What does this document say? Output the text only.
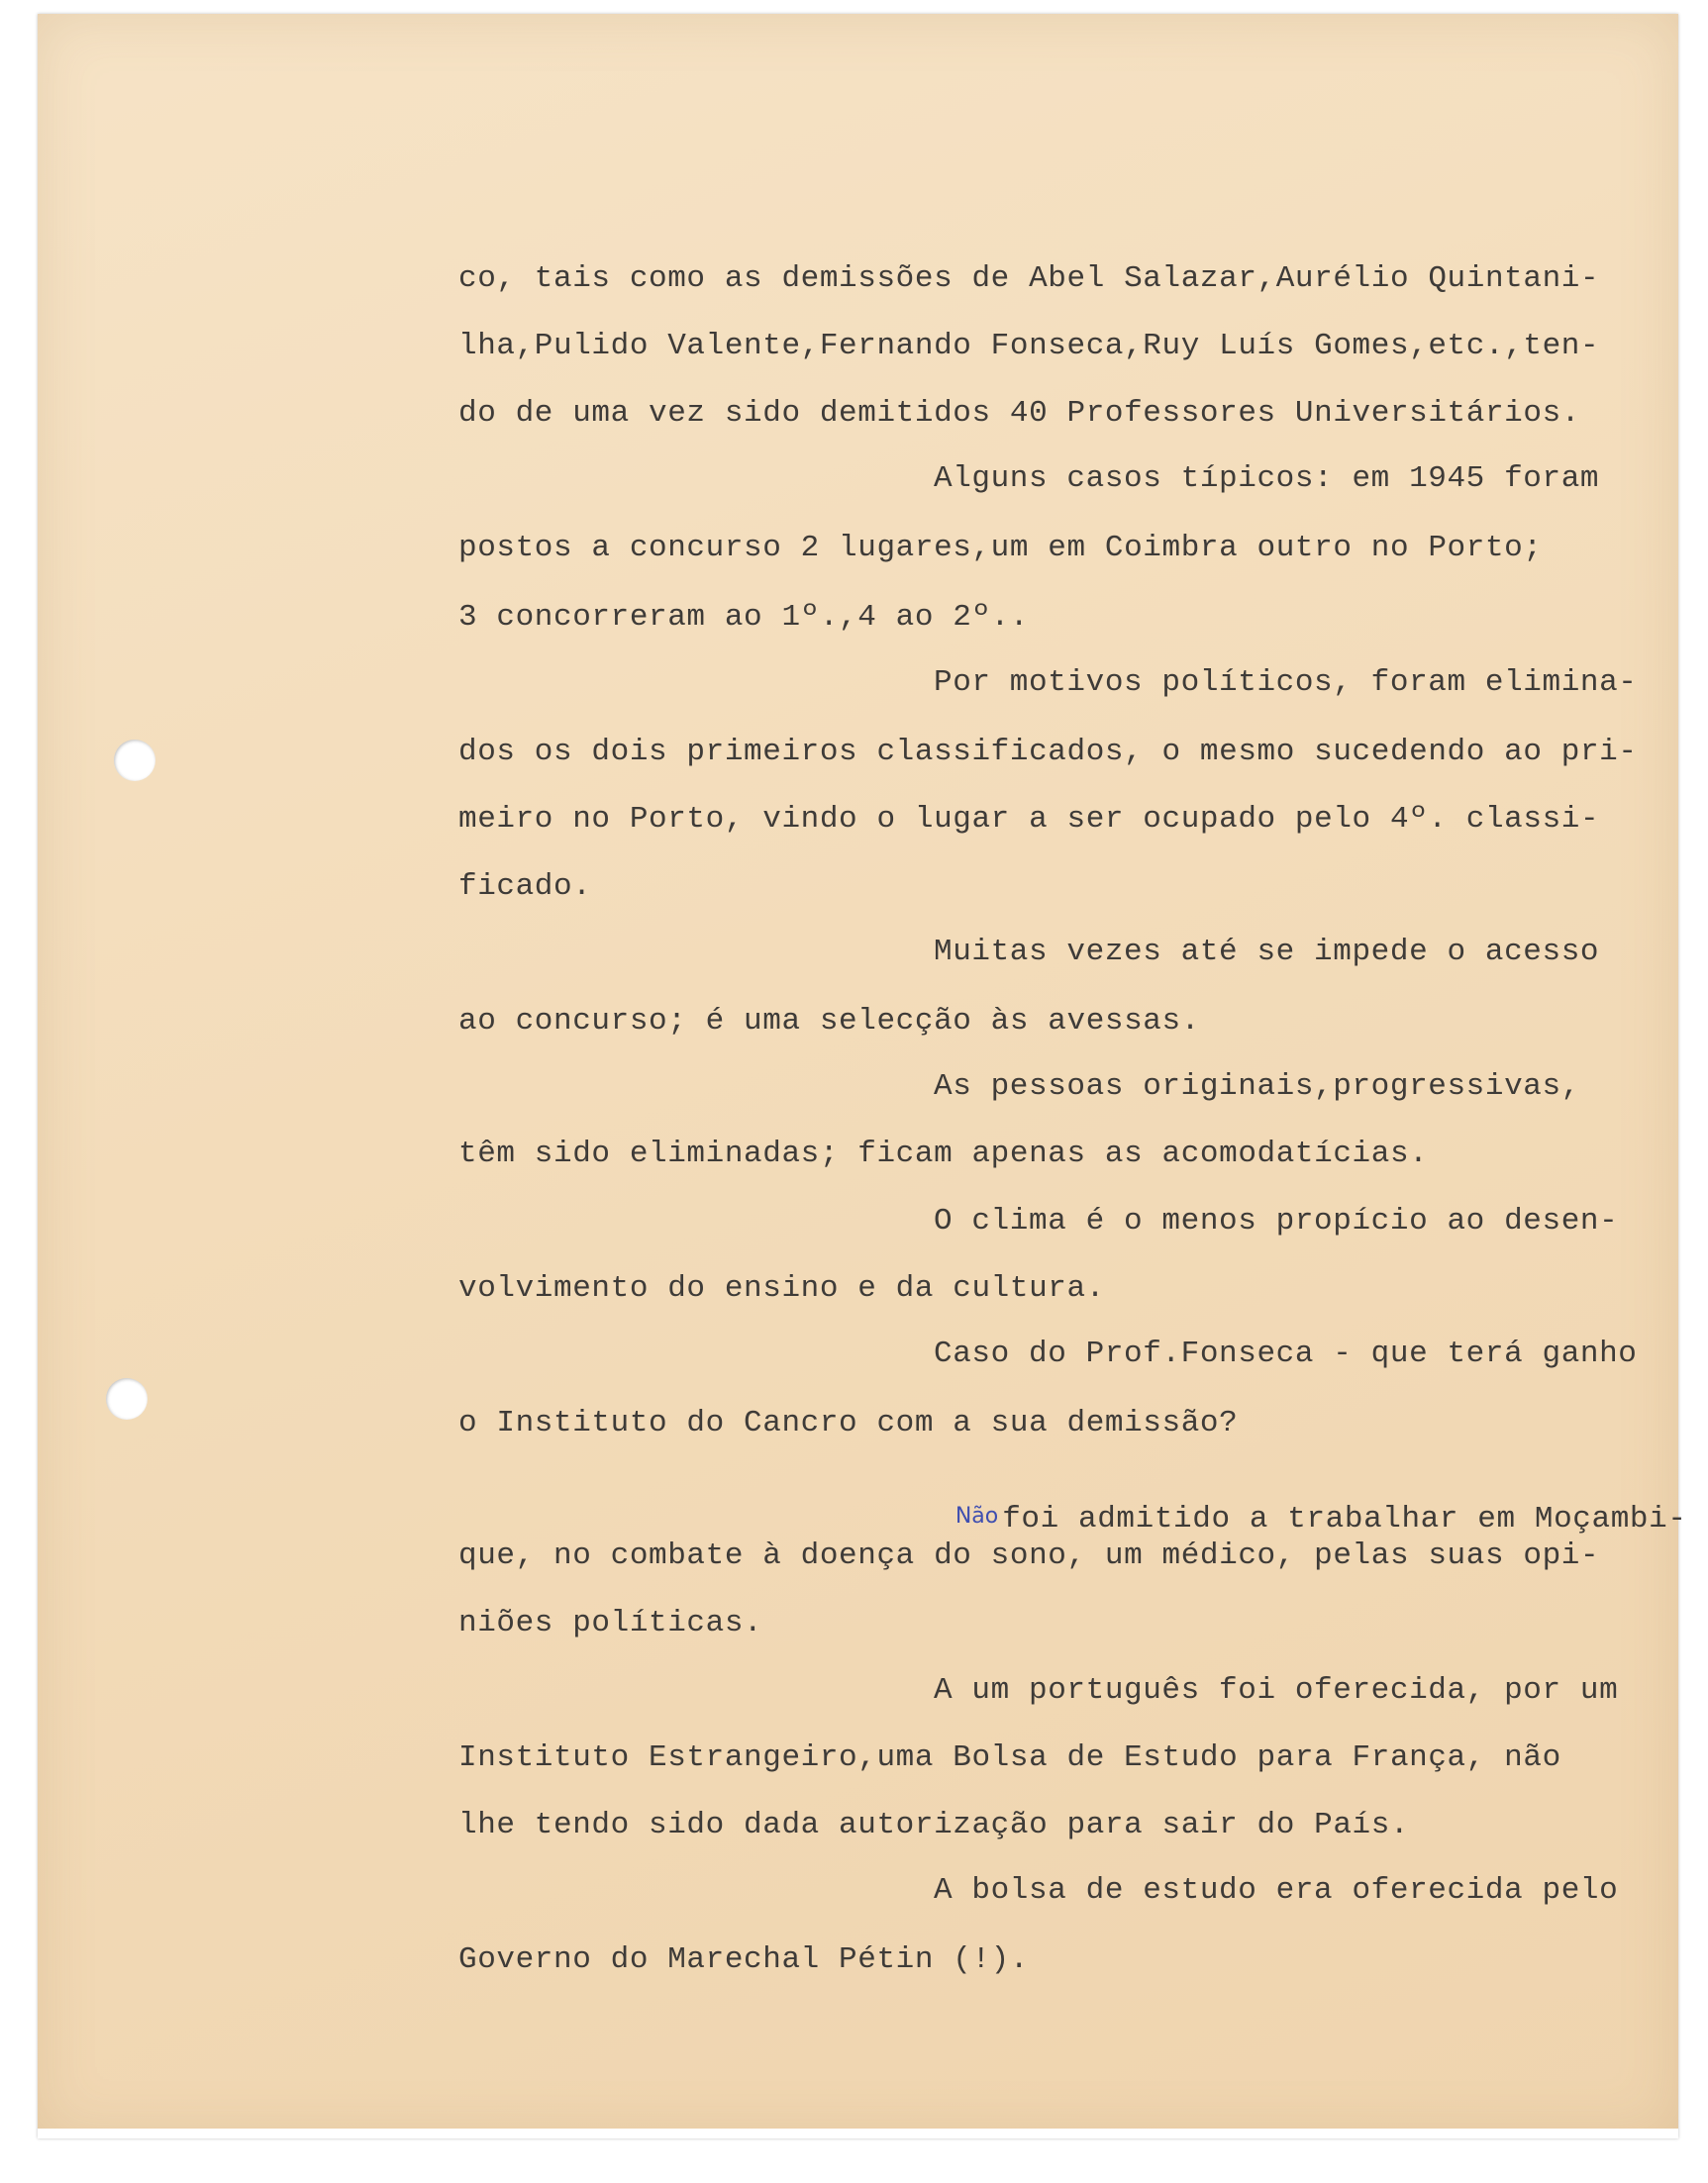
co, tais como as demissões de Abel Salazar,Aurélio Quintani-
lha,Pulido Valente,Fernando Fonseca,Ruy Luís Gomes,etc.,ten-
do de uma vez sido demitidos 40 Professores Universitários.
Alguns casos típicos: em 1945 foram
postos a concurso 2 lugares,um em Coimbra outro no Porto;
3 concorreram ao 1º.,4 ao 2º..
Por motivos políticos, foram elimina-
dos os dois primeiros classificados, o mesmo sucedendo ao pri-
meiro no Porto, vindo o lugar a ser ocupado pelo 4º. classi-
ficado.
Muitas vezes até se impede o acesso
ao concurso; é uma selecção às avessas.
As pessoas originais,progressivas,
têm sido eliminadas; ficam apenas as acomodatícias.
O clima é o menos propício ao desen-
volvimento do ensino e da cultura.
Caso do Prof.Fonseca - que terá ganho
o Instituto do Cancro com a sua demissão?

Não foi admitido a trabalhar em Moçambi-

que, no combate à doença do sono, um médico, pelas suas opi-
niões políticas.
A um português foi oferecida, por um
Instituto Estrangeiro,uma Bolsa de Estudo para França, não
lhe tendo sido dada autorização para sair do País.
A bolsa de estudo era oferecida pelo
Governo do Marechal Pétin (!).
